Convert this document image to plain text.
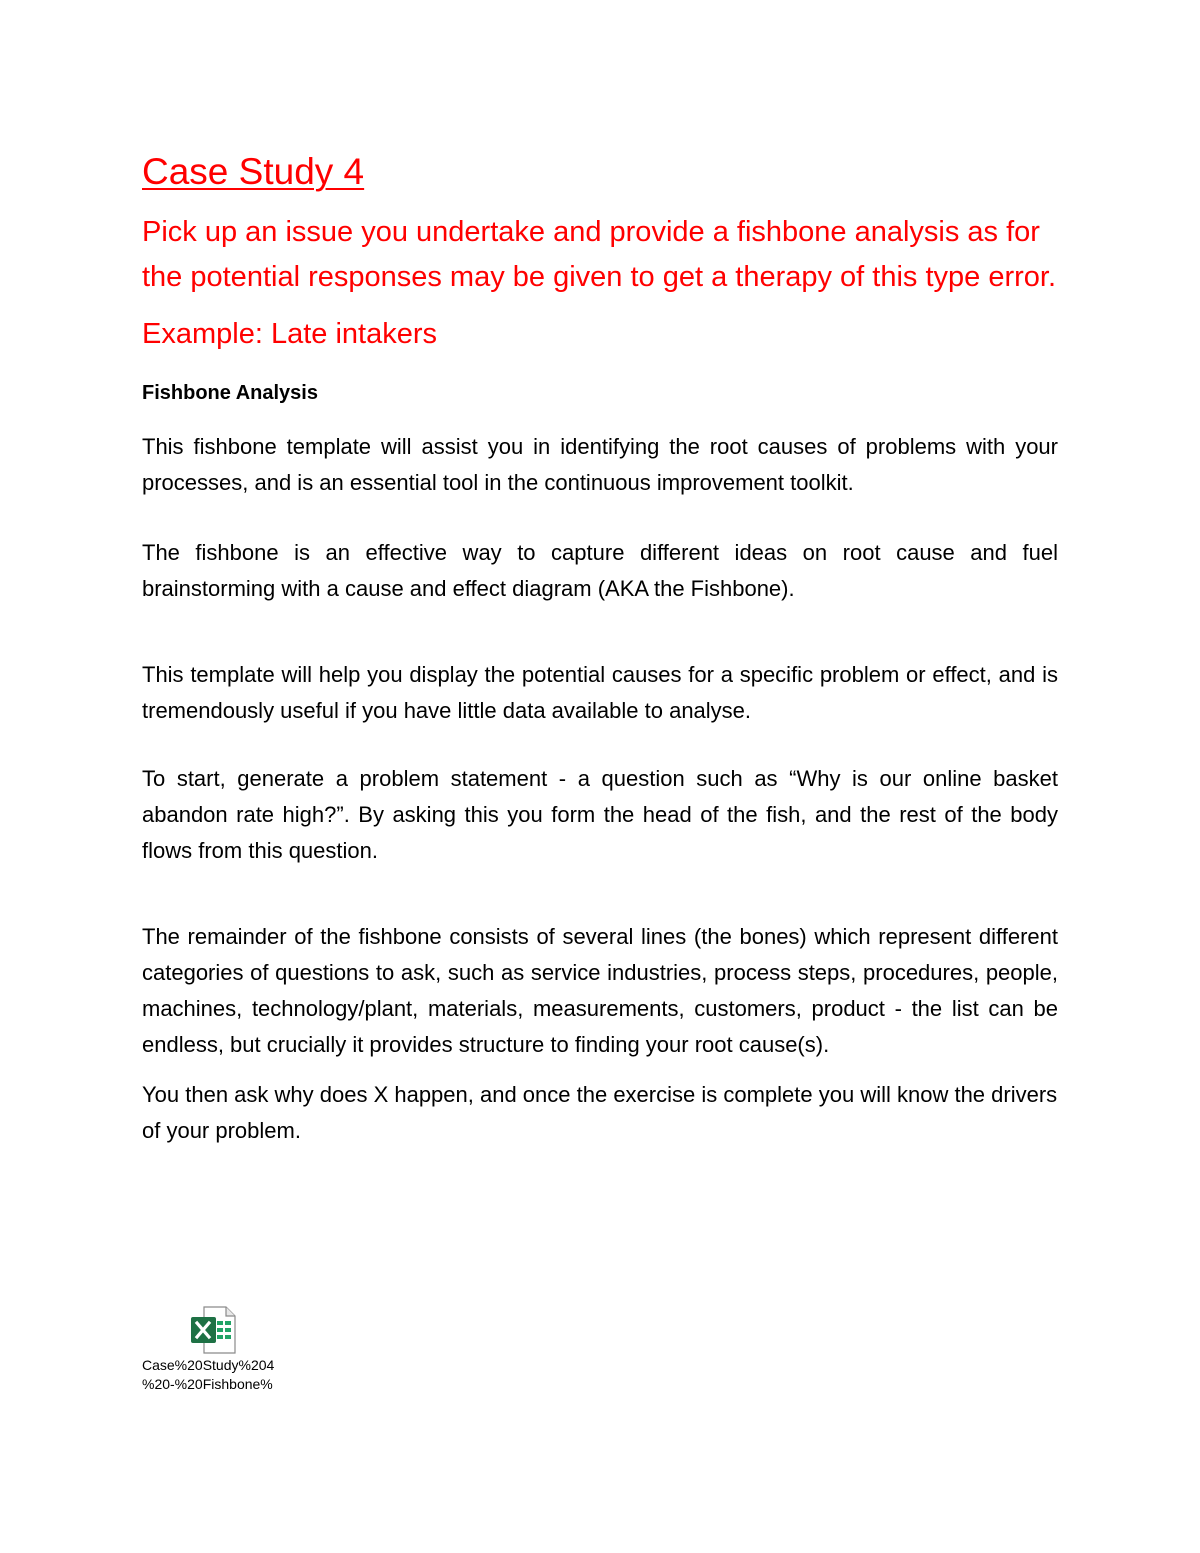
Case Study 4

Pick up an issue you undertake and provide a fishbone analysis as for the potential responses may be given to get a therapy of this type error.

Example: Late intakers

Fishbone Analysis

This fishbone template will assist you in identifying the root causes of problems with your processes, and is an essential tool in the continuous improvement toolkit.

The fishbone is an effective way to capture different ideas on root cause and fuel brainstorming with a cause and effect diagram (AKA the Fishbone).

This template will help you display the potential causes for a specific problem or effect, and is tremendously useful if you have little data available to analyse.

To start, generate a problem statement - a question such as “Why is our online basket abandon rate high?”. By asking this you form the head of the fish, and the rest of the body flows from this question.

The remainder of the fishbone consists of several lines (the bones) which represent different categories of questions to ask, such as service industries, process steps, procedures, people, machines, technology/plant, materials, measurements, customers, product - the list can be endless, but crucially it provides structure to finding your root cause(s).

You then ask why does X happen, and once the exercise is complete you will know the drivers of your problem.

Case%20Study%204
%20-%20Fishbone%
